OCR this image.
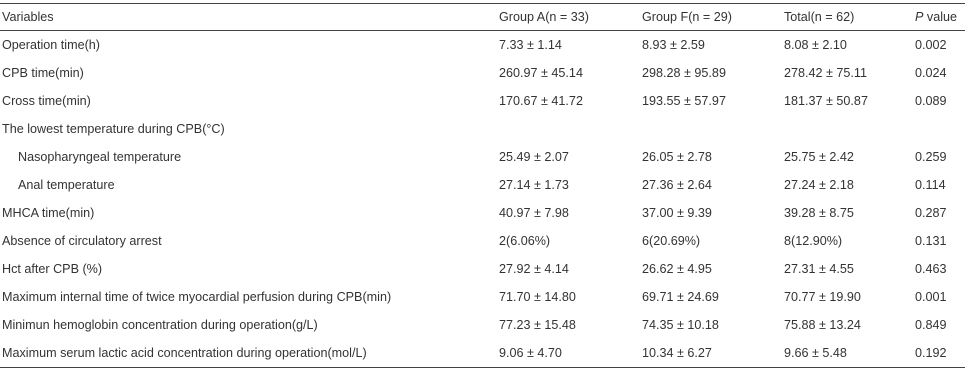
Variables	Group A(n = 33)	Group F(n = 29)	Total(n = 62)	P value
Operation time(h)	7.33 ± 1.14	8.93 ± 2.59	8.08 ± 2.10	0.002
CPB time(min)	260.97 ± 45.14	298.28 ± 95.89	278.42 ± 75.11	0.024
Cross time(min)	170.67 ± 41.72	193.55 ± 57.97	181.37 ± 50.87	0.089
The lowest temperature during CPB(°C)				
Nasopharyngeal temperature	25.49 ± 2.07	26.05 ± 2.78	25.75 ± 2.42	0.259
Anal temperature	27.14 ± 1.73	27.36 ± 2.64	27.24 ± 2.18	0.114
MHCA time(min)	40.97 ± 7.98	37.00 ± 9.39	39.28 ± 8.75	0.287
Absence of circulatory arrest	2(6.06%)	6(20.69%)	8(12.90%)	0.131
Hct after CPB (%)	27.92 ± 4.14	26.62 ± 4.95	27.31 ± 4.55	0.463
Maximum internal time of twice myocardial perfusion during CPB(min)	71.70 ± 14.80	69.71 ± 24.69	70.77 ± 19.90	0.001
Minimun hemoglobin concentration during operation(g/L)	77.23 ± 15.48	74.35 ± 10.18	75.88 ± 13.24	0.849
Maximum serum lactic acid concentration during operation(mol/L)	9.06 ± 4.70	10.34 ± 6.27	9.66 ± 5.48	0.192
